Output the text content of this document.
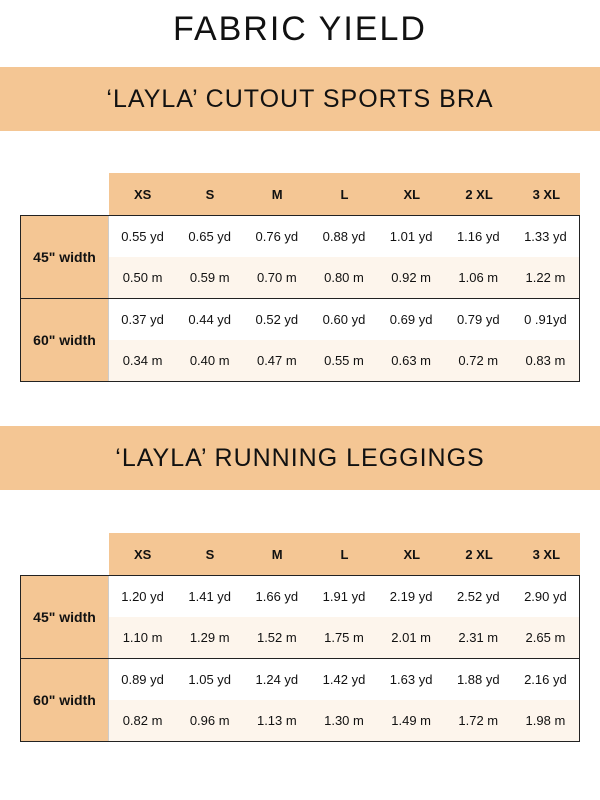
FABRIC YIELD
‘LAYLA’ CUTOUT SPORTS BRA
XS	S	M	L	XL	2 XL	3 XL
45" width
0.55 yd	0.65 yd	0.76 yd	0.88 yd	1.01 yd	1.16 yd	1.33 yd
0.50 m	0.59 m	0.70 m	0.80 m	0.92 m	1.06 m	1.22 m
60" width
0.37 yd	0.44 yd	0.52 yd	0.60 yd	0.69 yd	0.79 yd	0 .91yd
0.34 m	0.40 m	0.47 m	0.55 m	0.63 m	0.72 m	0.83 m
‘LAYLA’ RUNNING LEGGINGS
XS	S	M	L	XL	2 XL	3 XL
45" width
1.20 yd	1.41 yd	1.66 yd	1.91 yd	2.19 yd	2.52 yd	2.90 yd
1.10 m	1.29 m	1.52 m	1.75 m	2.01 m	2.31 m	2.65 m
60" width
0.89 yd	1.05 yd	1.24 yd	1.42 yd	1.63 yd	1.88 yd	2.16 yd
0.82 m	0.96 m	1.13 m	1.30 m	1.49 m	1.72 m	1.98 m
